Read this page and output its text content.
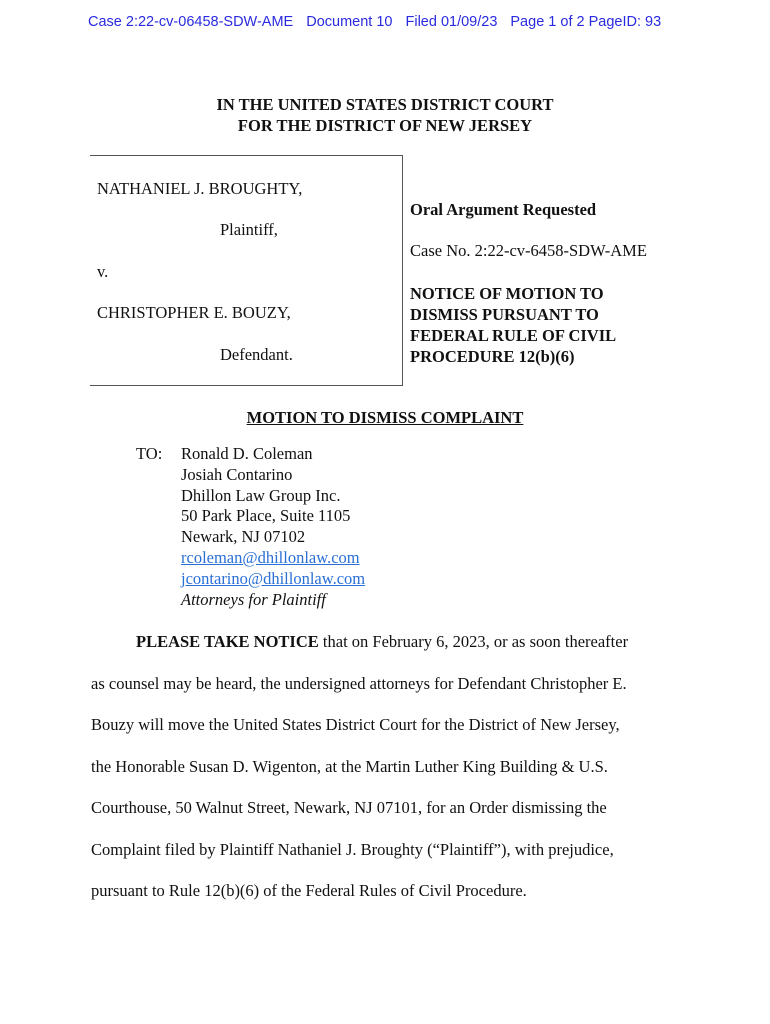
Case 2:22-cv-06458-SDW-AME Document 10 Filed 01/09/23 Page 1 of 2 PageID: 93
IN THE UNITED STATES DISTRICT COURT
FOR THE DISTRICT OF NEW JERSEY
NATHANIEL J. BROUGHTY,
Plaintiff,
v.
CHRISTOPHER E. BOUZY,
Defendant.
Oral Argument Requested
Case No. 2:22-cv-6458-SDW-AME
NOTICE OF MOTION TO
DISMISS PURSUANT TO
FEDERAL RULE OF CIVIL
PROCEDURE 12(b)(6)
MOTION TO DISMISS COMPLAINT
TO: Ronald D. Coleman
Josiah Contarino
Dhillon Law Group Inc.
50 Park Place, Suite 1105
Newark, NJ 07102
rcoleman@dhillonlaw.com
jcontarino@dhillonlaw.com
Attorneys for Plaintiff
PLEASE TAKE NOTICE that on February 6, 2023, or as soon thereafter
as counsel may be heard, the undersigned attorneys for Defendant Christopher E.
Bouzy will move the United States District Court for the District of New Jersey,
the Honorable Susan D. Wigenton, at the Martin Luther King Building & U.S.
Courthouse, 50 Walnut Street, Newark, NJ 07101, for an Order dismissing the
Complaint filed by Plaintiff Nathaniel J. Broughty (“Plaintiff”), with prejudice,
pursuant to Rule 12(b)(6) of the Federal Rules of Civil Procedure.
